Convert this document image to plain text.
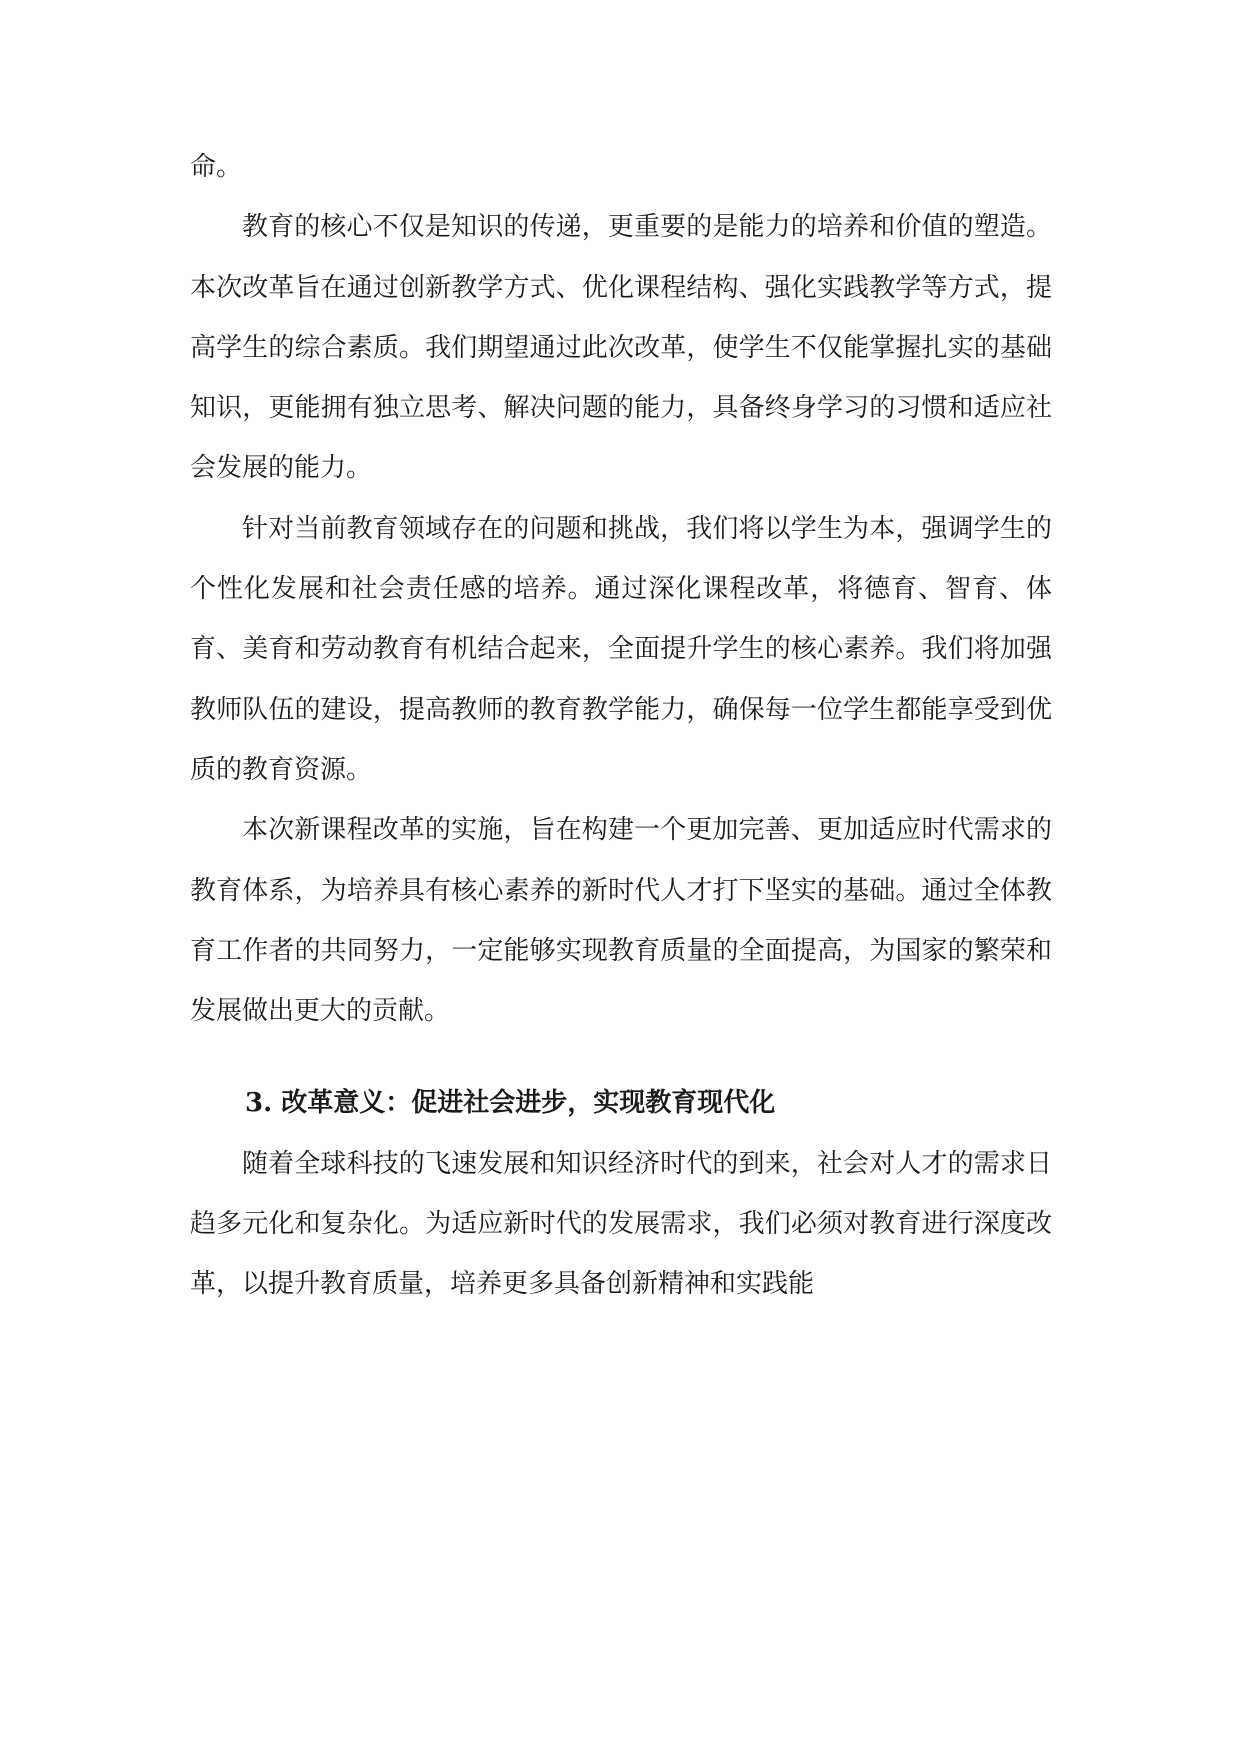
命。

教育的核心不仅是知识的传递，更重要的是能力的培养和价值的塑造。本次改革旨在通过创新教学方式、优化课程结构、强化实践教学等方式，提高学生的综合素质。我们期望通过此次改革，使学生不仅能掌握扎实的基础知识，更能拥有独立思考、解决问题的能力，具备终身学习的习惯和适应社会发展的能力。

针对当前教育领域存在的问题和挑战，我们将以学生为本，强调学生的个性化发展和社会责任感的培养。通过深化课程改革，将德育、智育、体育、美育和劳动教育有机结合起来，全面提升学生的核心素养。我们将加强教师队伍的建设，提高教师的教育教学能力，确保每一位学生都能享受到优质的教育资源。

本次新课程改革的实施，旨在构建一个更加完善、更加适应时代需求的教育体系，为培养具有核心素养的新时代人才打下坚实的基础。通过全体教育工作者的共同努力，一定能够实现教育质量的全面提高，为国家的繁荣和发展做出更大的贡献。

3. 改革意义：促进社会进步，实现教育现代化

随着全球科技的飞速发展和知识经济时代的到来，社会对人才的需求日趋多元化和复杂化。为适应新时代的发展需求，我们必须对教育进行深度改革，以提升教育质量，培养更多具备创新精神和实践能
